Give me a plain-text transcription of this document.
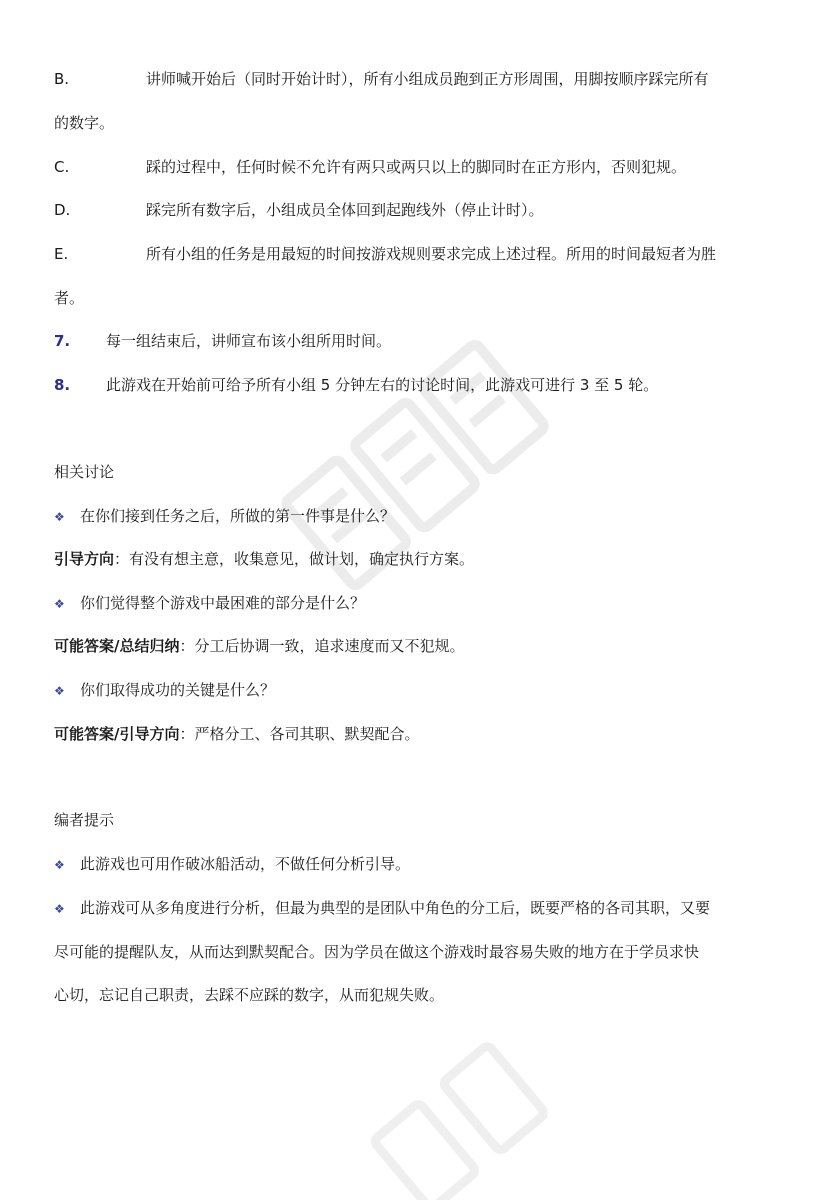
B.	讲师喊开始后（同时开始计时），所有小组成员跑到正方形周围，用脚按顺序踩完所有
的数字。
C.	踩的过程中，任何时候不允许有两只或两只以上的脚同时在正方形内，否则犯规。
D.	踩完所有数字后，小组成员全体回到起跑线外（停止计时）。
E.	所有小组的任务是用最短的时间按游戏规则要求完成上述过程。所用的时间最短者为胜
者。
7. 每一组结束后，讲师宣布该小组所用时间。
8. 此游戏在开始前可给予所有小组 5 分钟左右的讨论时间，此游戏可进行 3 至 5 轮。
相关讨论
❖ 在你们接到任务之后，所做的第一件事是什么？
引导方向：有没有想主意，收集意见，做计划，确定执行方案。
❖ 你们觉得整个游戏中最困难的部分是什么？
可能答案/总结归纳：分工后协调一致，追求速度而又不犯规。
❖ 你们取得成功的关键是什么？
可能答案/引导方向：严格分工、各司其职、默契配合。
编者提示
❖ 此游戏也可用作破冰船活动，不做任何分析引导。
❖ 此游戏可从多角度进行分析，但最为典型的是团队中角色的分工后，既要严格的各司其职，又要
尽可能的提醒队友，从而达到默契配合。因为学员在做这个游戏时最容易失败的地方在于学员求快
心切，忘记自己职责，去踩不应踩的数字，从而犯规失败。
